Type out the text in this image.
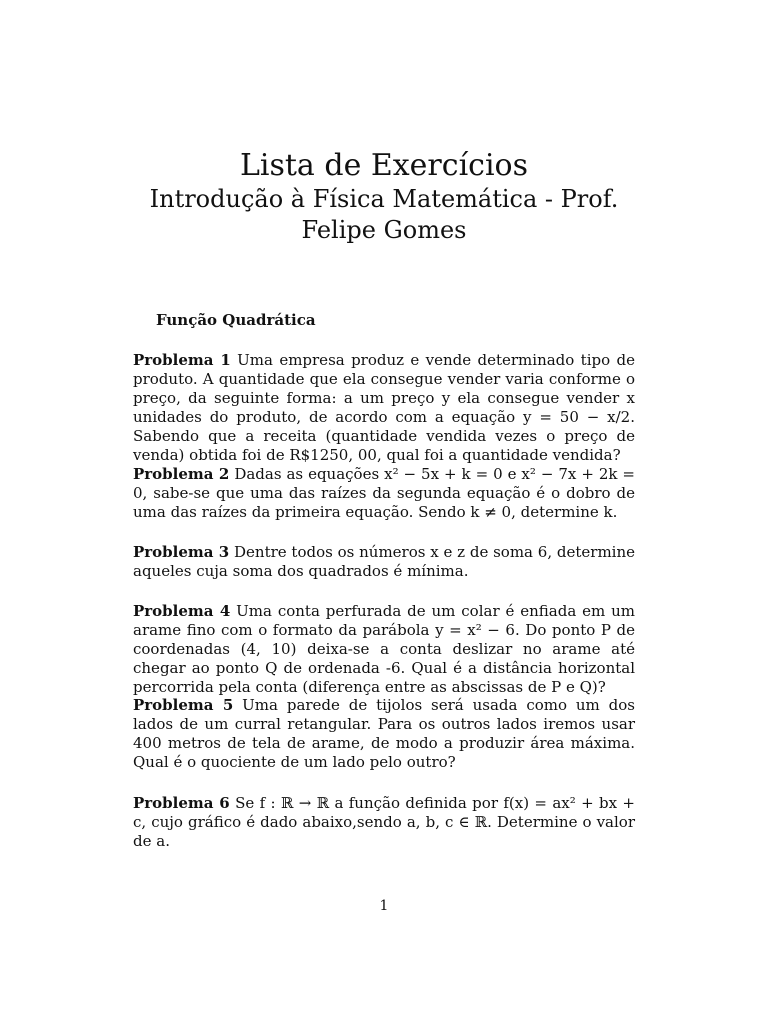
Lista de Exercícios
Introdução à Física Matemática - Prof. Felipe Gomes
Função Quadrática
Problema 1 Uma empresa produz e vende determinado tipo de produto. A quantidade que ela consegue vender varia conforme o preço, da seguinte forma: a um preço y ela consegue vender x unidades do produto, de acordo com a equação y = 50 − x/2. Sabendo que a receita (quantidade vendida vezes o preço de venda) obtida foi de R$1250, 00, qual foi a quantidade vendida?
Problema 2 Dadas as equações x² − 5x + k = 0 e x² − 7x + 2k = 0, sabe-se que uma das raízes da segunda equação é o dobro de uma das raízes da primeira equação. Sendo k ≠ 0, determine k.
Problema 3 Dentre todos os números x e z de soma 6, determine aqueles cuja soma dos quadrados é mínima.
Problema 4 Uma conta perfurada de um colar é enfiada em um arame fino com o formato da parábola y = x² − 6. Do ponto P de coordenadas (4, 10) deixa-se a conta deslizar no arame até chegar ao ponto Q de ordenada -6. Qual é a distância horizontal percorrida pela conta (diferença entre as abscissas de P e Q)?
Problema 5 Uma parede de tijolos será usada como um dos lados de um curral retangular. Para os outros lados iremos usar 400 metros de tela de arame, de modo a produzir área máxima. Qual é o quociente de um lado pelo outro?
Problema 6 Se f : ℝ → ℝ a função definida por f(x) = ax² + bx + c, cujo gráfico é dado abaixo,sendo a, b, c ∈ ℝ. Determine o valor de a.
1
